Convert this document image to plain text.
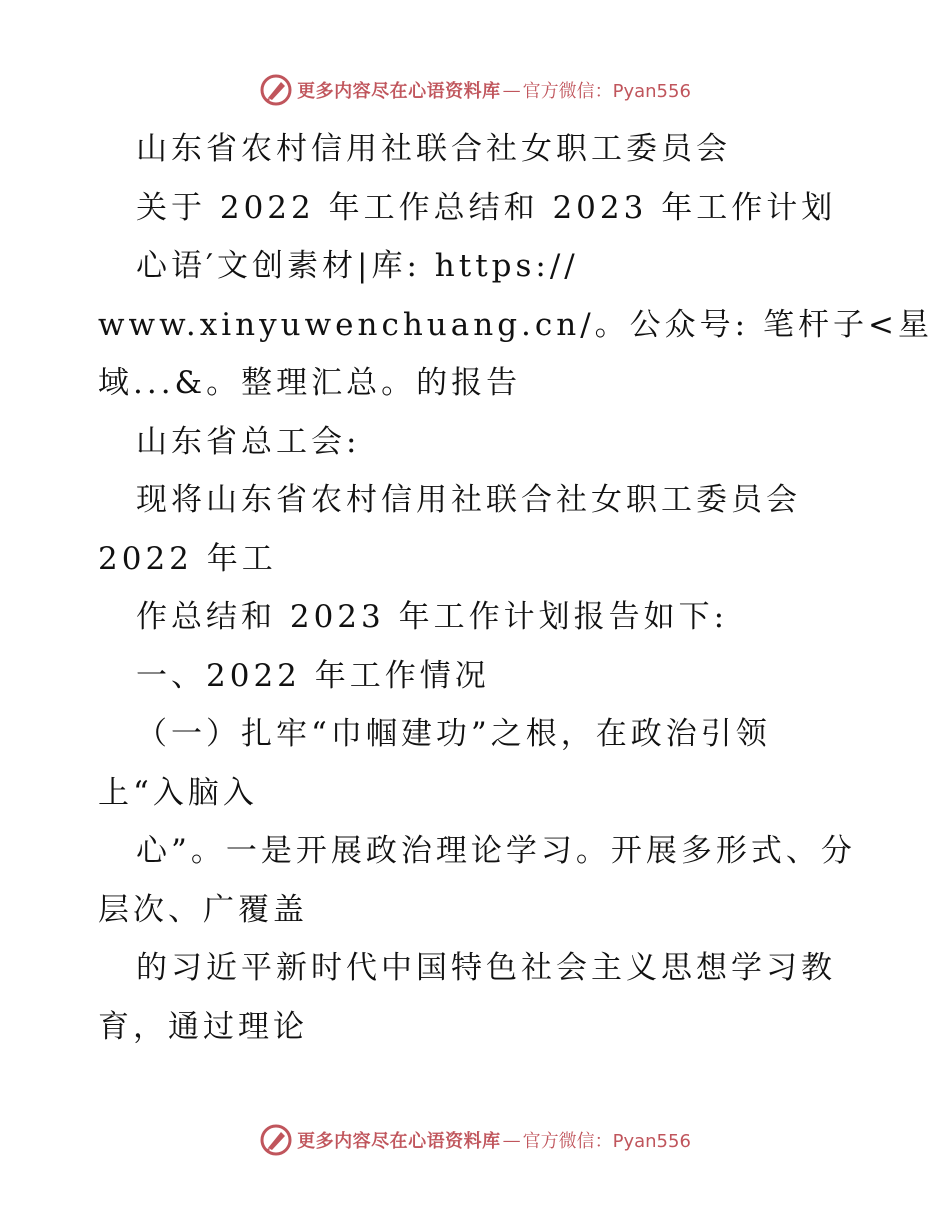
更多内容尽在心语资料库 — 官方微信：Pyan556
山东省农村信用社联合社女职工委员会
关于 2022 年工作总结和 2023 年工作计划
心语′文创素材|库: https://
www.xinyuwenchuang.cn/。公众号: 笔杆子<星
域...&。整理汇总。的报告
山东省总工会:
现将山东省农村信用社联合社女职工委员会
2022 年工
作总结和 2023 年工作计划报告如下:
一、2022 年工作情况
（一）扎牢“巾帼建功”之根，在政治引领
上“入脑入
心”。一是开展政治理论学习。开展多形式、分
层次、广覆盖
的习近平新时代中国特色社会主义思想学习教
育，通过理论
更多内容尽在心语资料库 — 官方微信：Pyan556
